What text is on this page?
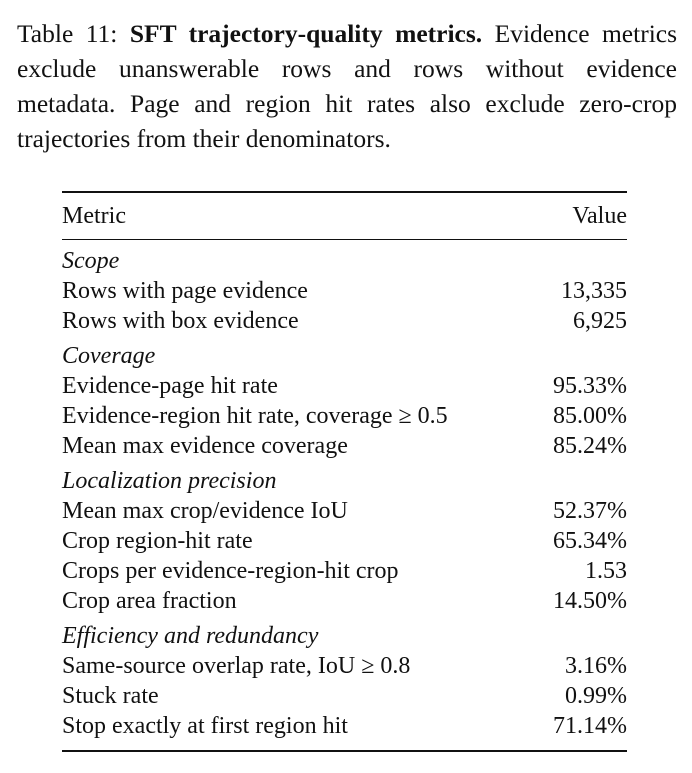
Table 11: SFT trajectory-quality metrics. Evidence metrics exclude unanswerable rows and rows without evidence metadata. Page and region hit rates also exclude zero-crop trajectories from their denominators.

Metric	Value
Scope	
Rows with page evidence	13,335
Rows with box evidence	6,925
Coverage	
Evidence-page hit rate	95.33%
Evidence-region hit rate, coverage ≥ 0.5	85.00%
Mean max evidence coverage	85.24%
Localization precision	
Mean max crop/evidence IoU	52.37%
Crop region-hit rate	65.34%
Crops per evidence-region-hit crop	1.53
Crop area fraction	14.50%
Efficiency and redundancy	
Same-source overlap rate, IoU ≥ 0.8	3.16%
Stuck rate	0.99%
Stop exactly at first region hit	71.14%
